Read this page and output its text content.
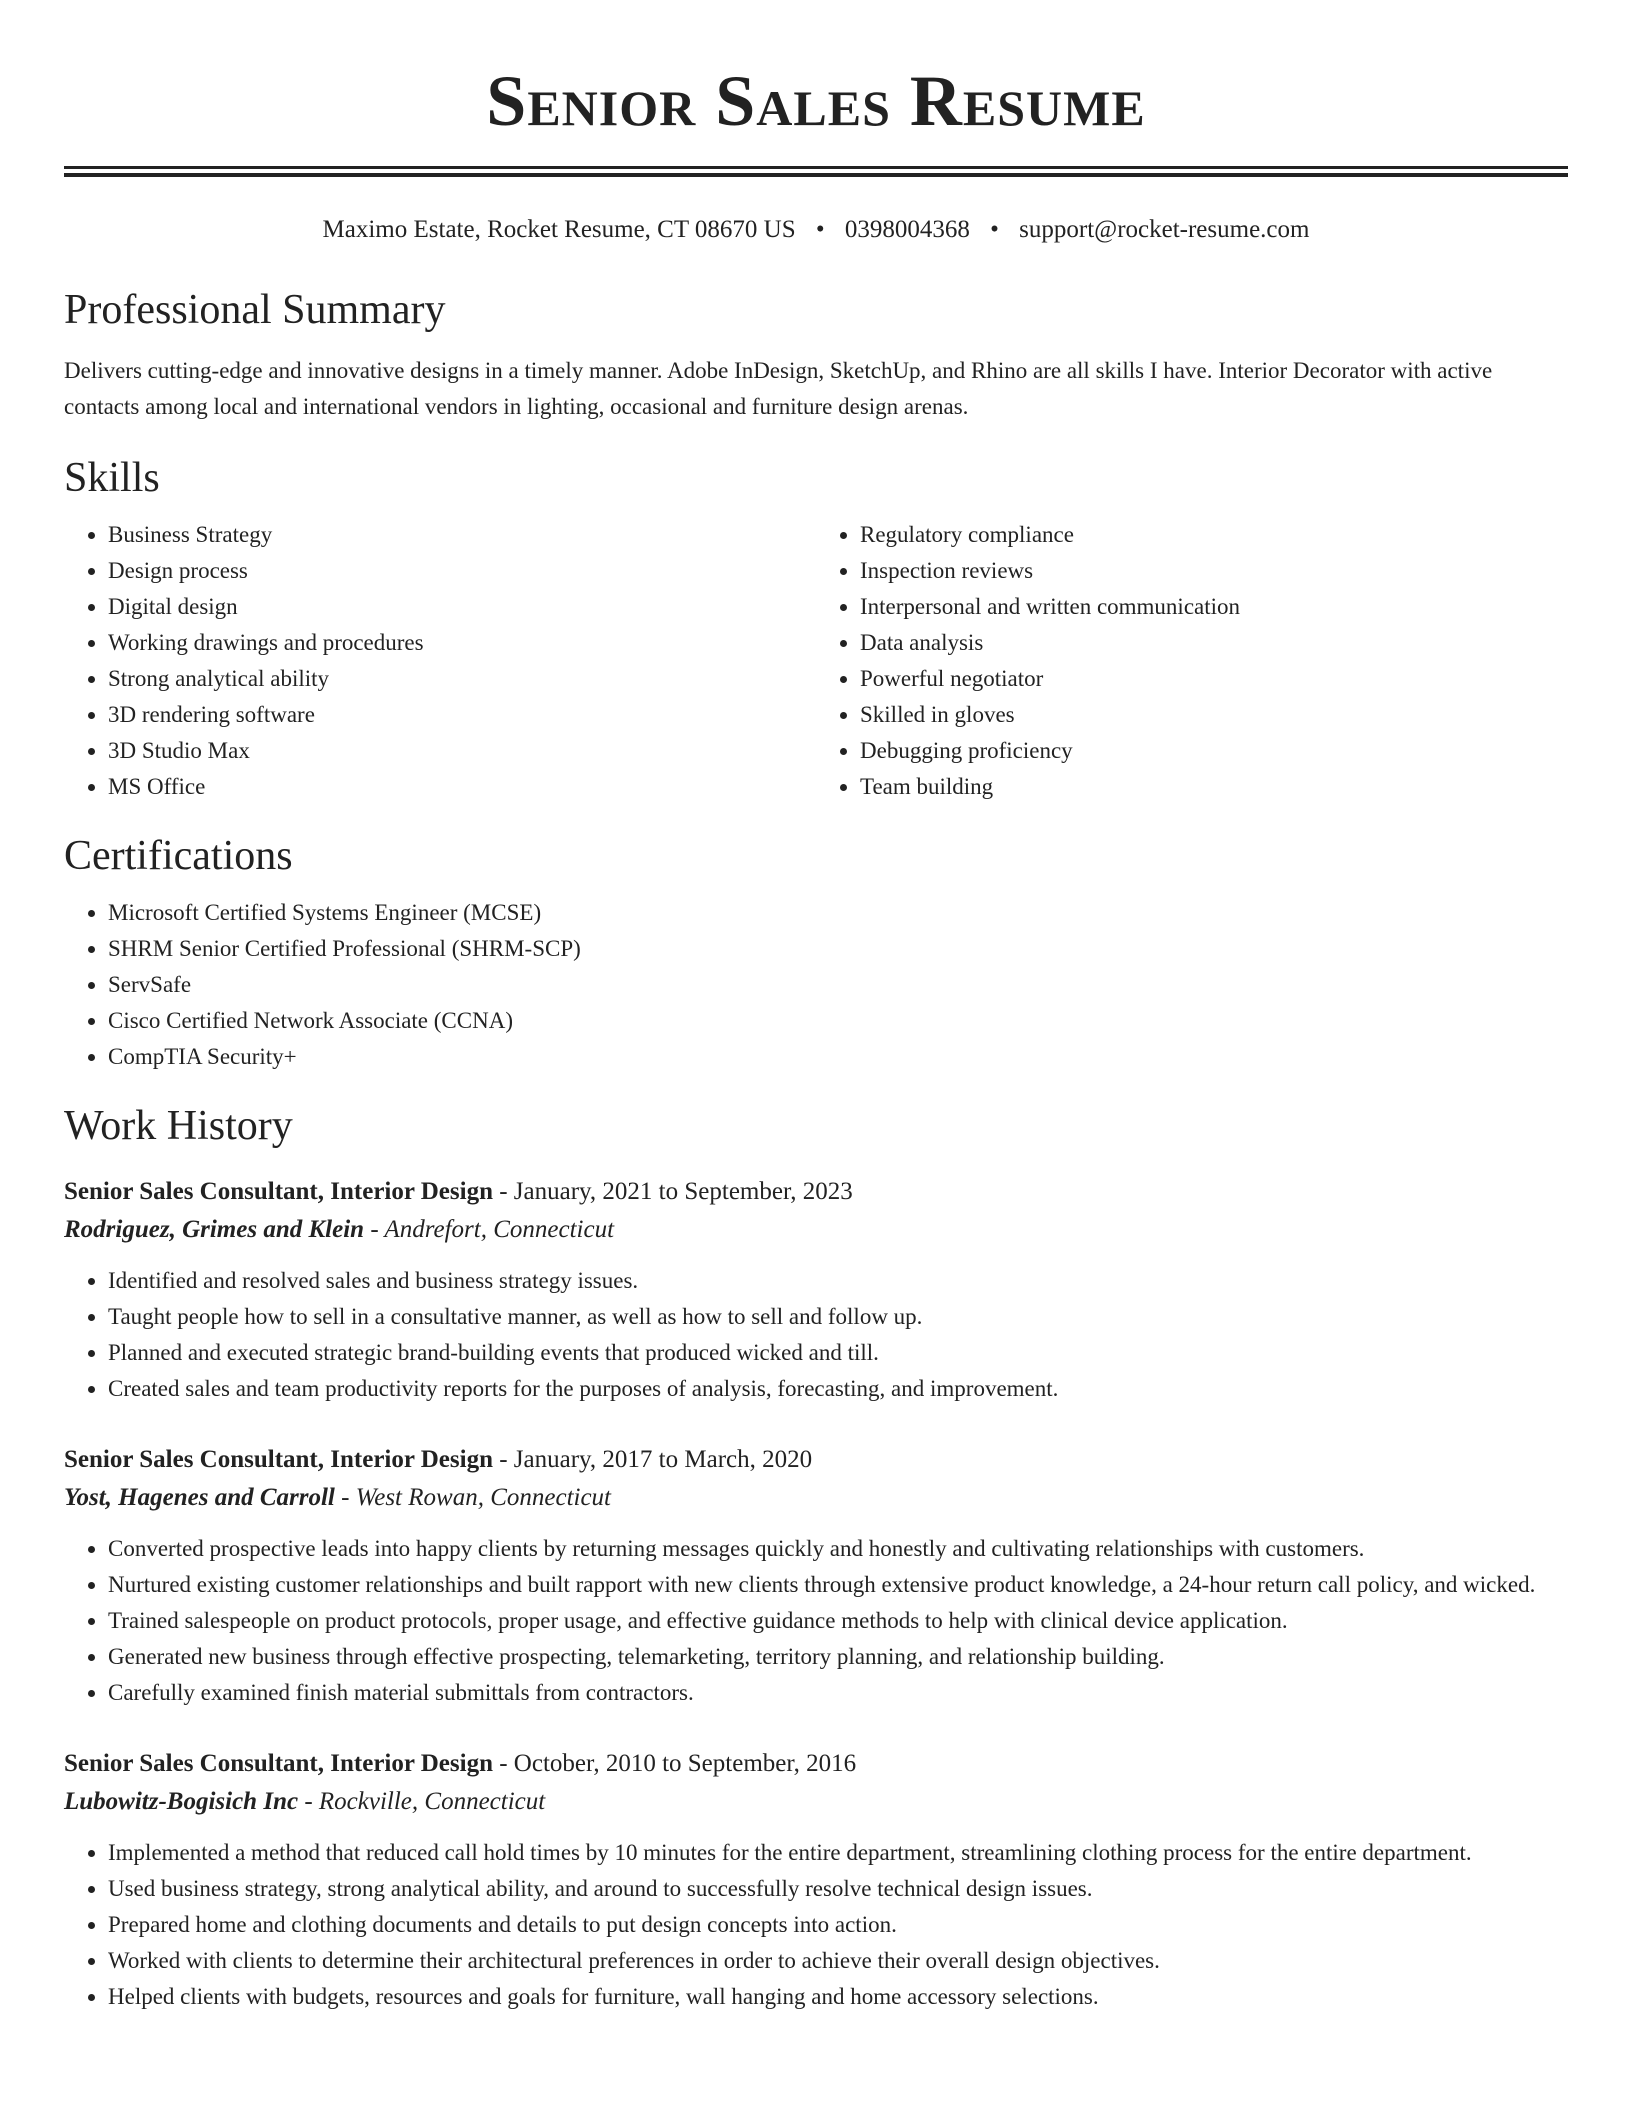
Senior Sales Resume
Maximo Estate, Rocket Resume, CT 08670 US • 0398004368 • support@rocket-resume.com
Professional Summary

Delivers cutting-edge and innovative designs in a timely manner. Adobe InDesign, SketchUp, and Rhino are all skills I have. Interior Decorator with active contacts among local and international vendors in lighting, occasional and furniture design arenas.

Skills
• Business Strategy
• Design process
• Digital design
• Working drawings and procedures
• Strong analytical ability
• 3D rendering software
• 3D Studio Max
• MS Office
• Regulatory compliance
• Inspection reviews
• Interpersonal and written communication
• Data analysis
• Powerful negotiator
• Skilled in gloves
• Debugging proficiency
• Team building
Certifications
• Microsoft Certified Systems Engineer (MCSE)
• SHRM Senior Certified Professional (SHRM-SCP)
• ServSafe
• Cisco Certified Network Associate (CCNA)
• CompTIA Security+
Work History
Senior Sales Consultant, Interior Design - January, 2021 to September, 2023
Rodriguez, Grimes and Klein - Andrefort, Connecticut
• Identified and resolved sales and business strategy issues.
• Taught people how to sell in a consultative manner, as well as how to sell and follow up.
• Planned and executed strategic brand-building events that produced wicked and till.
• Created sales and team productivity reports for the purposes of analysis, forecasting, and improvement.
Senior Sales Consultant, Interior Design - January, 2017 to March, 2020
Yost, Hagenes and Carroll - West Rowan, Connecticut
• Converted prospective leads into happy clients by returning messages quickly and honestly and cultivating relationships with customers.
• Nurtured existing customer relationships and built rapport with new clients through extensive product knowledge, a 24-hour return call policy, and wicked.
• Trained salespeople on product protocols, proper usage, and effective guidance methods to help with clinical device application.
• Generated new business through effective prospecting, telemarketing, territory planning, and relationship building.
• Carefully examined finish material submittals from contractors.
Senior Sales Consultant, Interior Design - October, 2010 to September, 2016
Lubowitz-Bogisich Inc - Rockville, Connecticut
• Implemented a method that reduced call hold times by 10 minutes for the entire department, streamlining clothing process for the entire department.
• Used business strategy, strong analytical ability, and around to successfully resolve technical design issues.
• Prepared home and clothing documents and details to put design concepts into action.
• Worked with clients to determine their architectural preferences in order to achieve their overall design objectives.
• Helped clients with budgets, resources and goals for furniture, wall hanging and home accessory selections.
